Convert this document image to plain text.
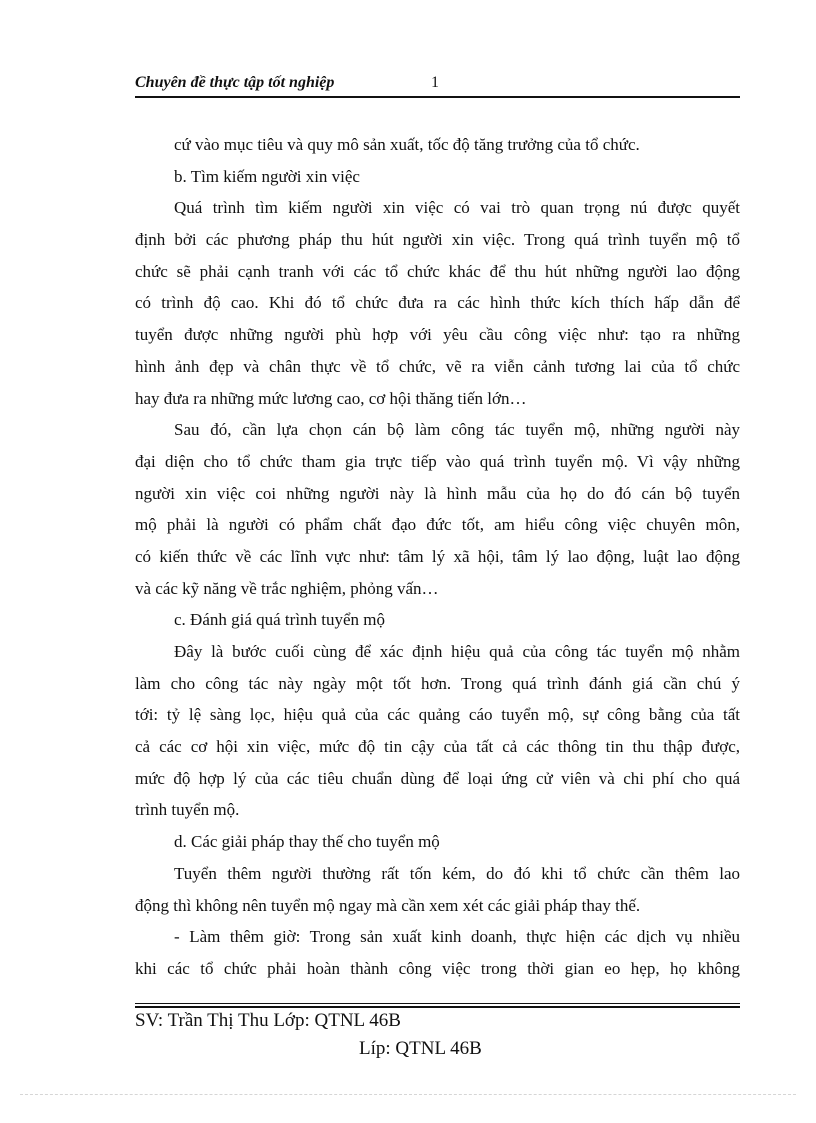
Chuyên đề thực tập tốt nghiệp	1
cứ vào mục tiêu và quy mô sản xuất, tốc độ tăng trưởng của tổ chức.
b. Tìm kiếm người xin việc
Quá trình tìm kiếm người xin việc có vai trò quan trọng nú được quyết
định bởi các phương pháp thu hút người xin việc. Trong quá trình tuyển mộ tổ
chức sẽ phải cạnh tranh với các tổ chức khác để thu hút những người lao động
có trình độ cao. Khi đó tổ chức đưa ra các hình thức kích thích hấp dẫn để
tuyển được những người phù hợp với yêu cầu công việc như: tạo ra những
hình ảnh đẹp và chân thực về tổ chức, vẽ ra viễn cảnh tương lai của tổ chức
hay đưa ra những mức lương cao, cơ hội thăng tiến lớn…
Sau đó, cần lựa chọn cán bộ làm công tác tuyển mộ, những người này
đại diện cho tổ chức tham gia trực tiếp vào quá trình tuyển mộ. Vì vậy những
người xin việc coi những người này là hình mẫu của họ do đó cán bộ tuyển
mộ phải là người có phẩm chất đạo đức tốt, am hiểu công việc chuyên môn,
có kiến thức về các lĩnh vực như: tâm lý xã hội, tâm lý lao động, luật lao động
và các kỹ năng về trắc nghiệm, phỏng vấn…
c. Đánh giá quá trình tuyển mộ
Đây là bước cuối cùng để xác định hiệu quả của công tác tuyển mộ nhằm
làm cho công tác này ngày một tốt hơn. Trong quá trình đánh giá cần chú ý
tới: tỷ lệ sàng lọc, hiệu quả của các quảng cáo tuyển mộ, sự công bằng của tất
cả các cơ hội xin việc, mức độ tin cậy của tất cả các thông tin thu thập được,
mức độ hợp lý của các tiêu chuẩn dùng để loại ứng cử viên và chi phí cho quá
trình tuyển mộ.
d. Các giải pháp thay thế cho tuyển mộ
Tuyển thêm người thường rất tốn kém, do đó khi tổ chức cần thêm lao
động thì không nên tuyển mộ ngay mà cần xem xét các giải pháp thay thế.
- Làm thêm giờ: Trong sản xuất kinh doanh, thực hiện các dịch vụ nhiều
khi các tổ chức phải hoàn thành công việc trong thời gian eo hẹp, họ không
SV: Trần Thị Thu Lớp: QTNL 46B
Líp: QTNL 46B
